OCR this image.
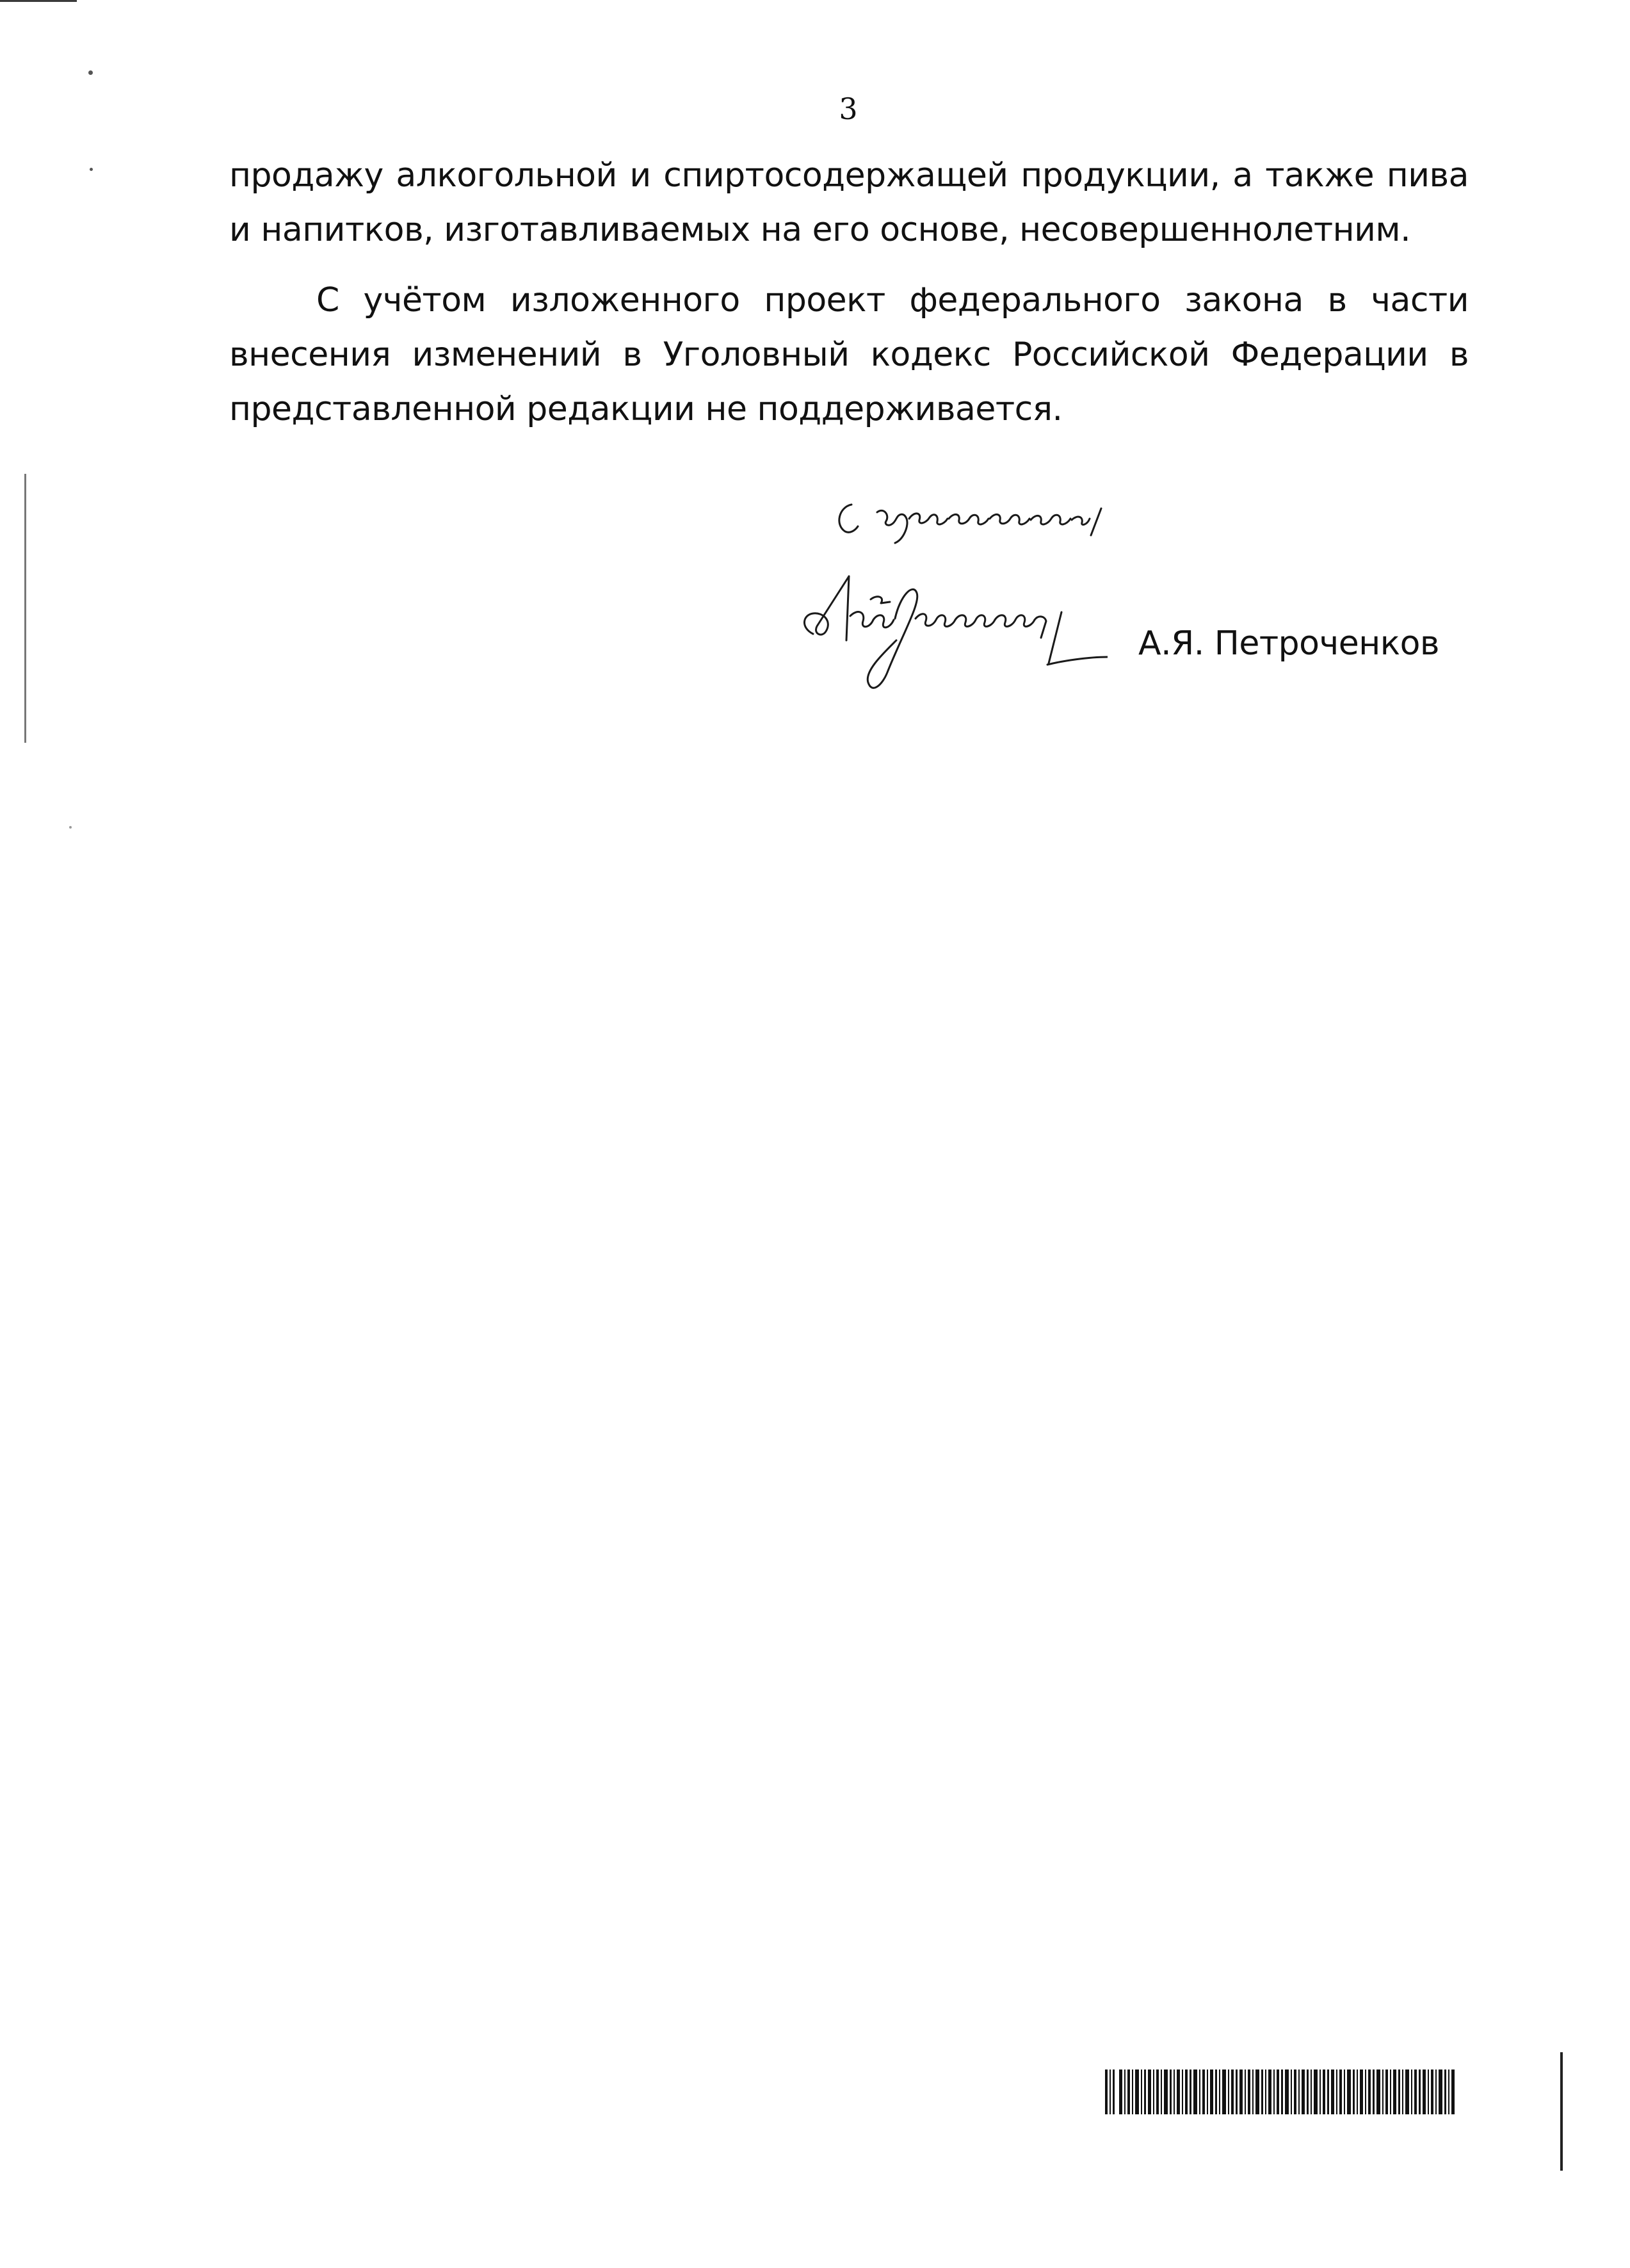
3

продажу алкогольной и спиртосодержащей продукции, а также пива и напитков, изготавливаемых на его основе, несовершеннолетним.

С учётом изложенного проект федерального закона в части внесения изменений в Уголовный кодекс Российской Федерации в представленной редакции не поддерживается.

А.Я. Петроченков
